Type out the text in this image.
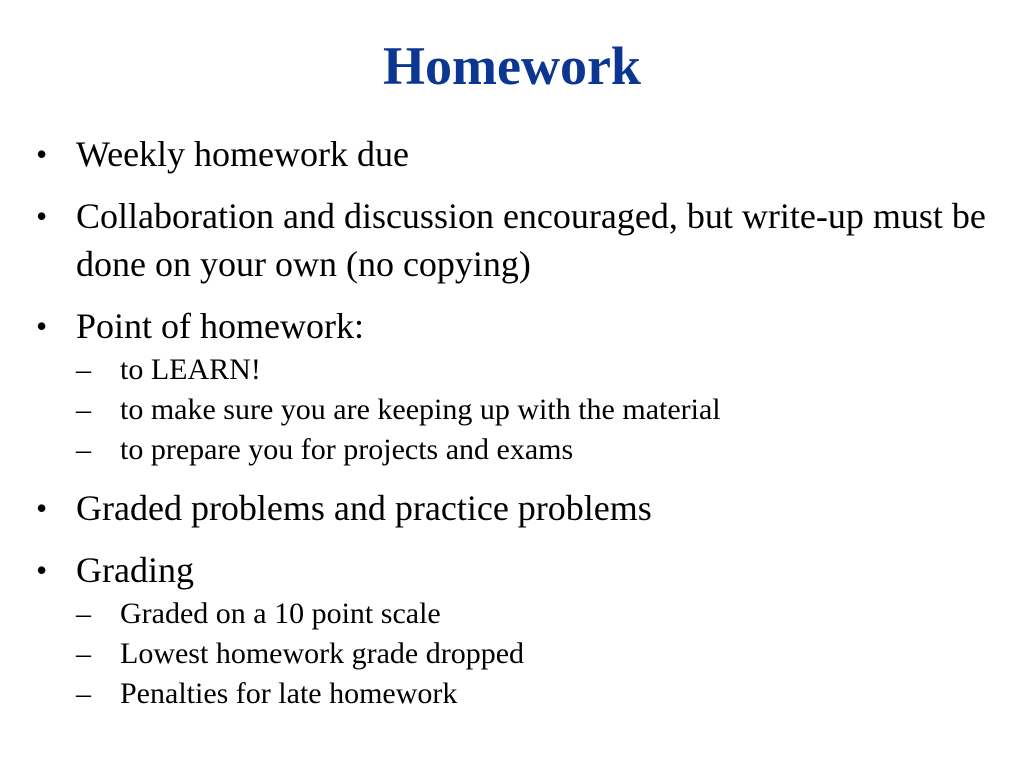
Homework
• Weekly homework due
• Collaboration and discussion encouraged, but write-up must be done on your own (no copying)
• Point of homework:
– to LEARN!
– to make sure you are keeping up with the material
– to prepare you for projects and exams
• Graded problems and practice problems
• Grading
– Graded on a 10 point scale
– Lowest homework grade dropped
– Penalties for late homework
